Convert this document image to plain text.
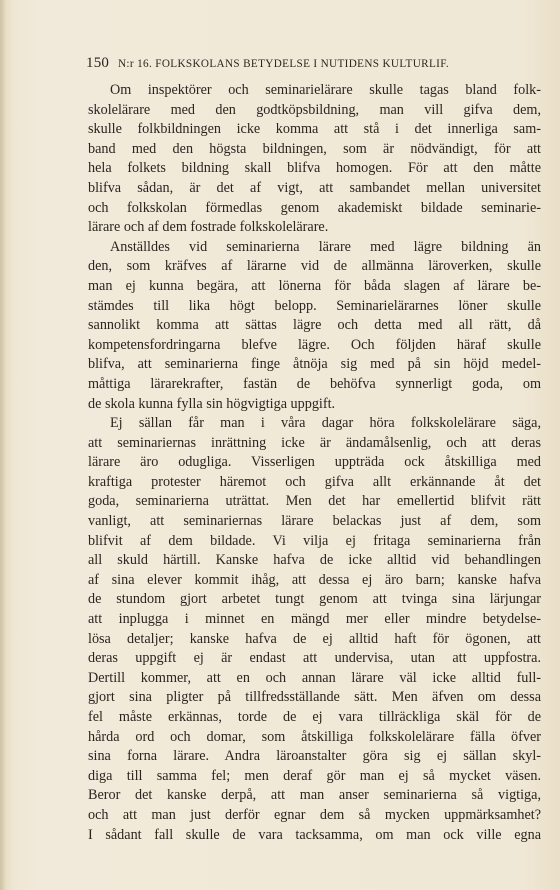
150 N:r 16. FOLKSKOLANS BETYDELSE I NUTIDENS KULTURLIF.
Om inspektörer och seminarielärare skulle tagas bland folk-
skolelärare med den godtköpsbildning, man vill gifva dem,
skulle folkbildningen icke komma att stå i det innerliga sam-
band med den högsta bildningen, som är nödvändigt, för att
hela folkets bildning skall blifva homogen. För att den måtte
blifva sådan, är det af vigt, att sambandet mellan universitet
och folkskolan förmedlas genom akademiskt bildade seminarie-
lärare och af dem fostrade folkskolelärare.
Anställdes vid seminarierna lärare med lägre bildning än
den, som kräfves af lärarne vid de allmänna läroverken, skulle
man ej kunna begära, att lönerna för båda slagen af lärare be-
stämdes till lika högt belopp. Seminarielärarnes löner skulle
sannolikt komma att sättas lägre och detta med all rätt, då
kompetensfordringarna blefve lägre. Och följden häraf skulle
blifva, att seminarierna finge åtnöja sig med på sin höjd medel-
måttiga lärarekrafter, fastän de behöfva synnerligt goda, om
de skola kunna fylla sin högvigtiga uppgift.
Ej sällan får man i våra dagar höra folkskolelärare säga,
att seminariernas inrättning icke är ändamålsenlig, och att deras
lärare äro odugliga. Visserligen uppträda ock åtskilliga med
kraftiga protester häremot och gifva allt erkännande åt det
goda, seminarierna uträttat. Men det har emellertid blifvit rätt
vanligt, att seminariernas lärare belackas just af dem, som
blifvit af dem bildade. Vi vilja ej fritaga seminarierna från
all skuld härtill. Kanske hafva de icke alltid vid behandlingen
af sina elever kommit ihåg, att dessa ej äro barn; kanske hafva
de stundom gjort arbetet tungt genom att tvinga sina lärjungar
att inplugga i minnet en mängd mer eller mindre betydelse-
lösa detaljer; kanske hafva de ej alltid haft för ögonen, att
deras uppgift ej är endast att undervisa, utan att uppfostra.
Dertill kommer, att en och annan lärare väl icke alltid full-
gjort sina pligter på tillfredsställande sätt. Men äfven om dessa
fel måste erkännas, torde de ej vara tillräckliga skäl för de
hårda ord och domar, som åtskilliga folkskolelärare fälla öfver
sina forna lärare. Andra läroanstalter göra sig ej sällan skyl-
diga till samma fel; men deraf gör man ej så mycket väsen.
Beror det kanske derpå, att man anser seminarierna så vigtiga,
och att man just derför egnar dem så mycken uppmärksamhet?
I sådant fall skulle de vara tacksamma, om man ock ville egna
